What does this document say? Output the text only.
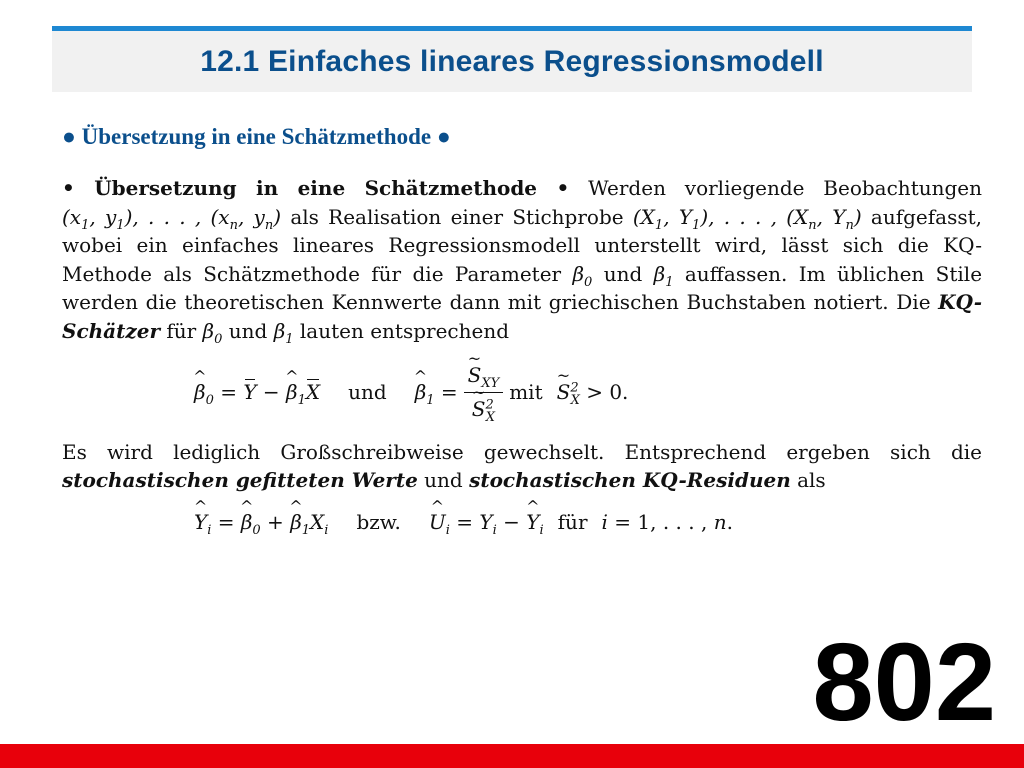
12.1 Einfaches lineares Regressionsmodell
● Übersetzung in eine Schätzmethode ●
• Übersetzung in eine Schätzmethode • Werden vorliegende Beobachtungen ($x_1$, $y_1$), . . . , ($x_n$, $y_n$) als Realisation einer Stichprobe ($X_1$, $Y_1$), . . . , ($X_n$, $Y_n$) aufgefasst, wobei ein einfaches lineares Regressionsmodell unterstellt wird, lässt sich die KQ-Methode als Schätzmethode für die Parameter $\beta_0$ und $\beta_1$ auffassen. Im üblichen Stile werden die theoretischen Kennwerte dann mit griechischen Buchstaben notiert. Die KQ-Schätzer für $\beta_0$ und $\beta_1$ lauten entsprechend
^ $\beta_0 = Y$ − ^ $\beta_1X$ und ^ $\beta_1$ = ~ $S_{XY}$
~ $S^2_X$ mit ~ $S^2_X > 0$.
Es wird lediglich Großschreibweise gewechselt. Entsprechend ergeben sich die stochastischen gefitteten Werte und stochastischen KQ-Residuen als
^ $Y_i$ = ^ $\beta_0$ + ^ $\beta_1X_i$ bzw. ^ $U_i = Y_i$ − ^ $Y_i$ für i = 1, . . . , n .
802
